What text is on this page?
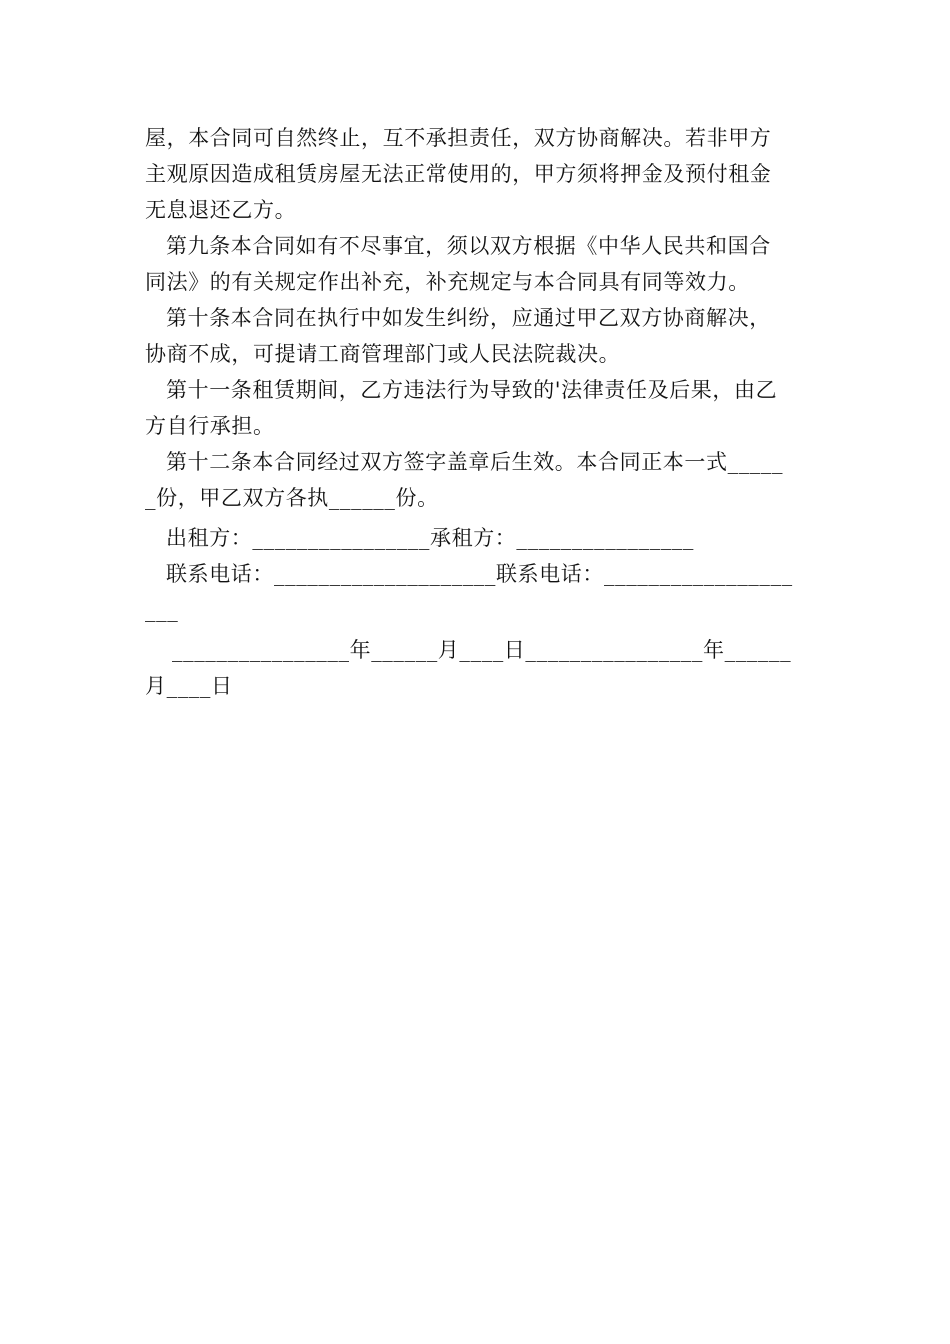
屋，本合同可自然终止，互不承担责任，双方协商解决。若非甲方
主观原因造成租赁房屋无法正常使用的，甲方须将押金及预付租金
无息退还乙方。
第九条本合同如有不尽事宜，须以双方根据《中华人民共和国合
同法》的有关规定作出补充，补充规定与本合同具有同等效力。
第十条本合同在执行中如发生纠纷，应通过甲乙双方协商解决，
协商不成，可提请工商管理部门或人民法院裁决。
第十一条租赁期间，乙方违法行为导致的'法律责任及后果，由乙
方自行承担。
第十二条本合同经过双方签字盖章后生效。本合同正本一式_____
_份，甲乙双方各执______份。
出租方：________________承租方：________________
联系电话：____________________联系电话：_________________
___
________________年______月____日________________年______
月____日
